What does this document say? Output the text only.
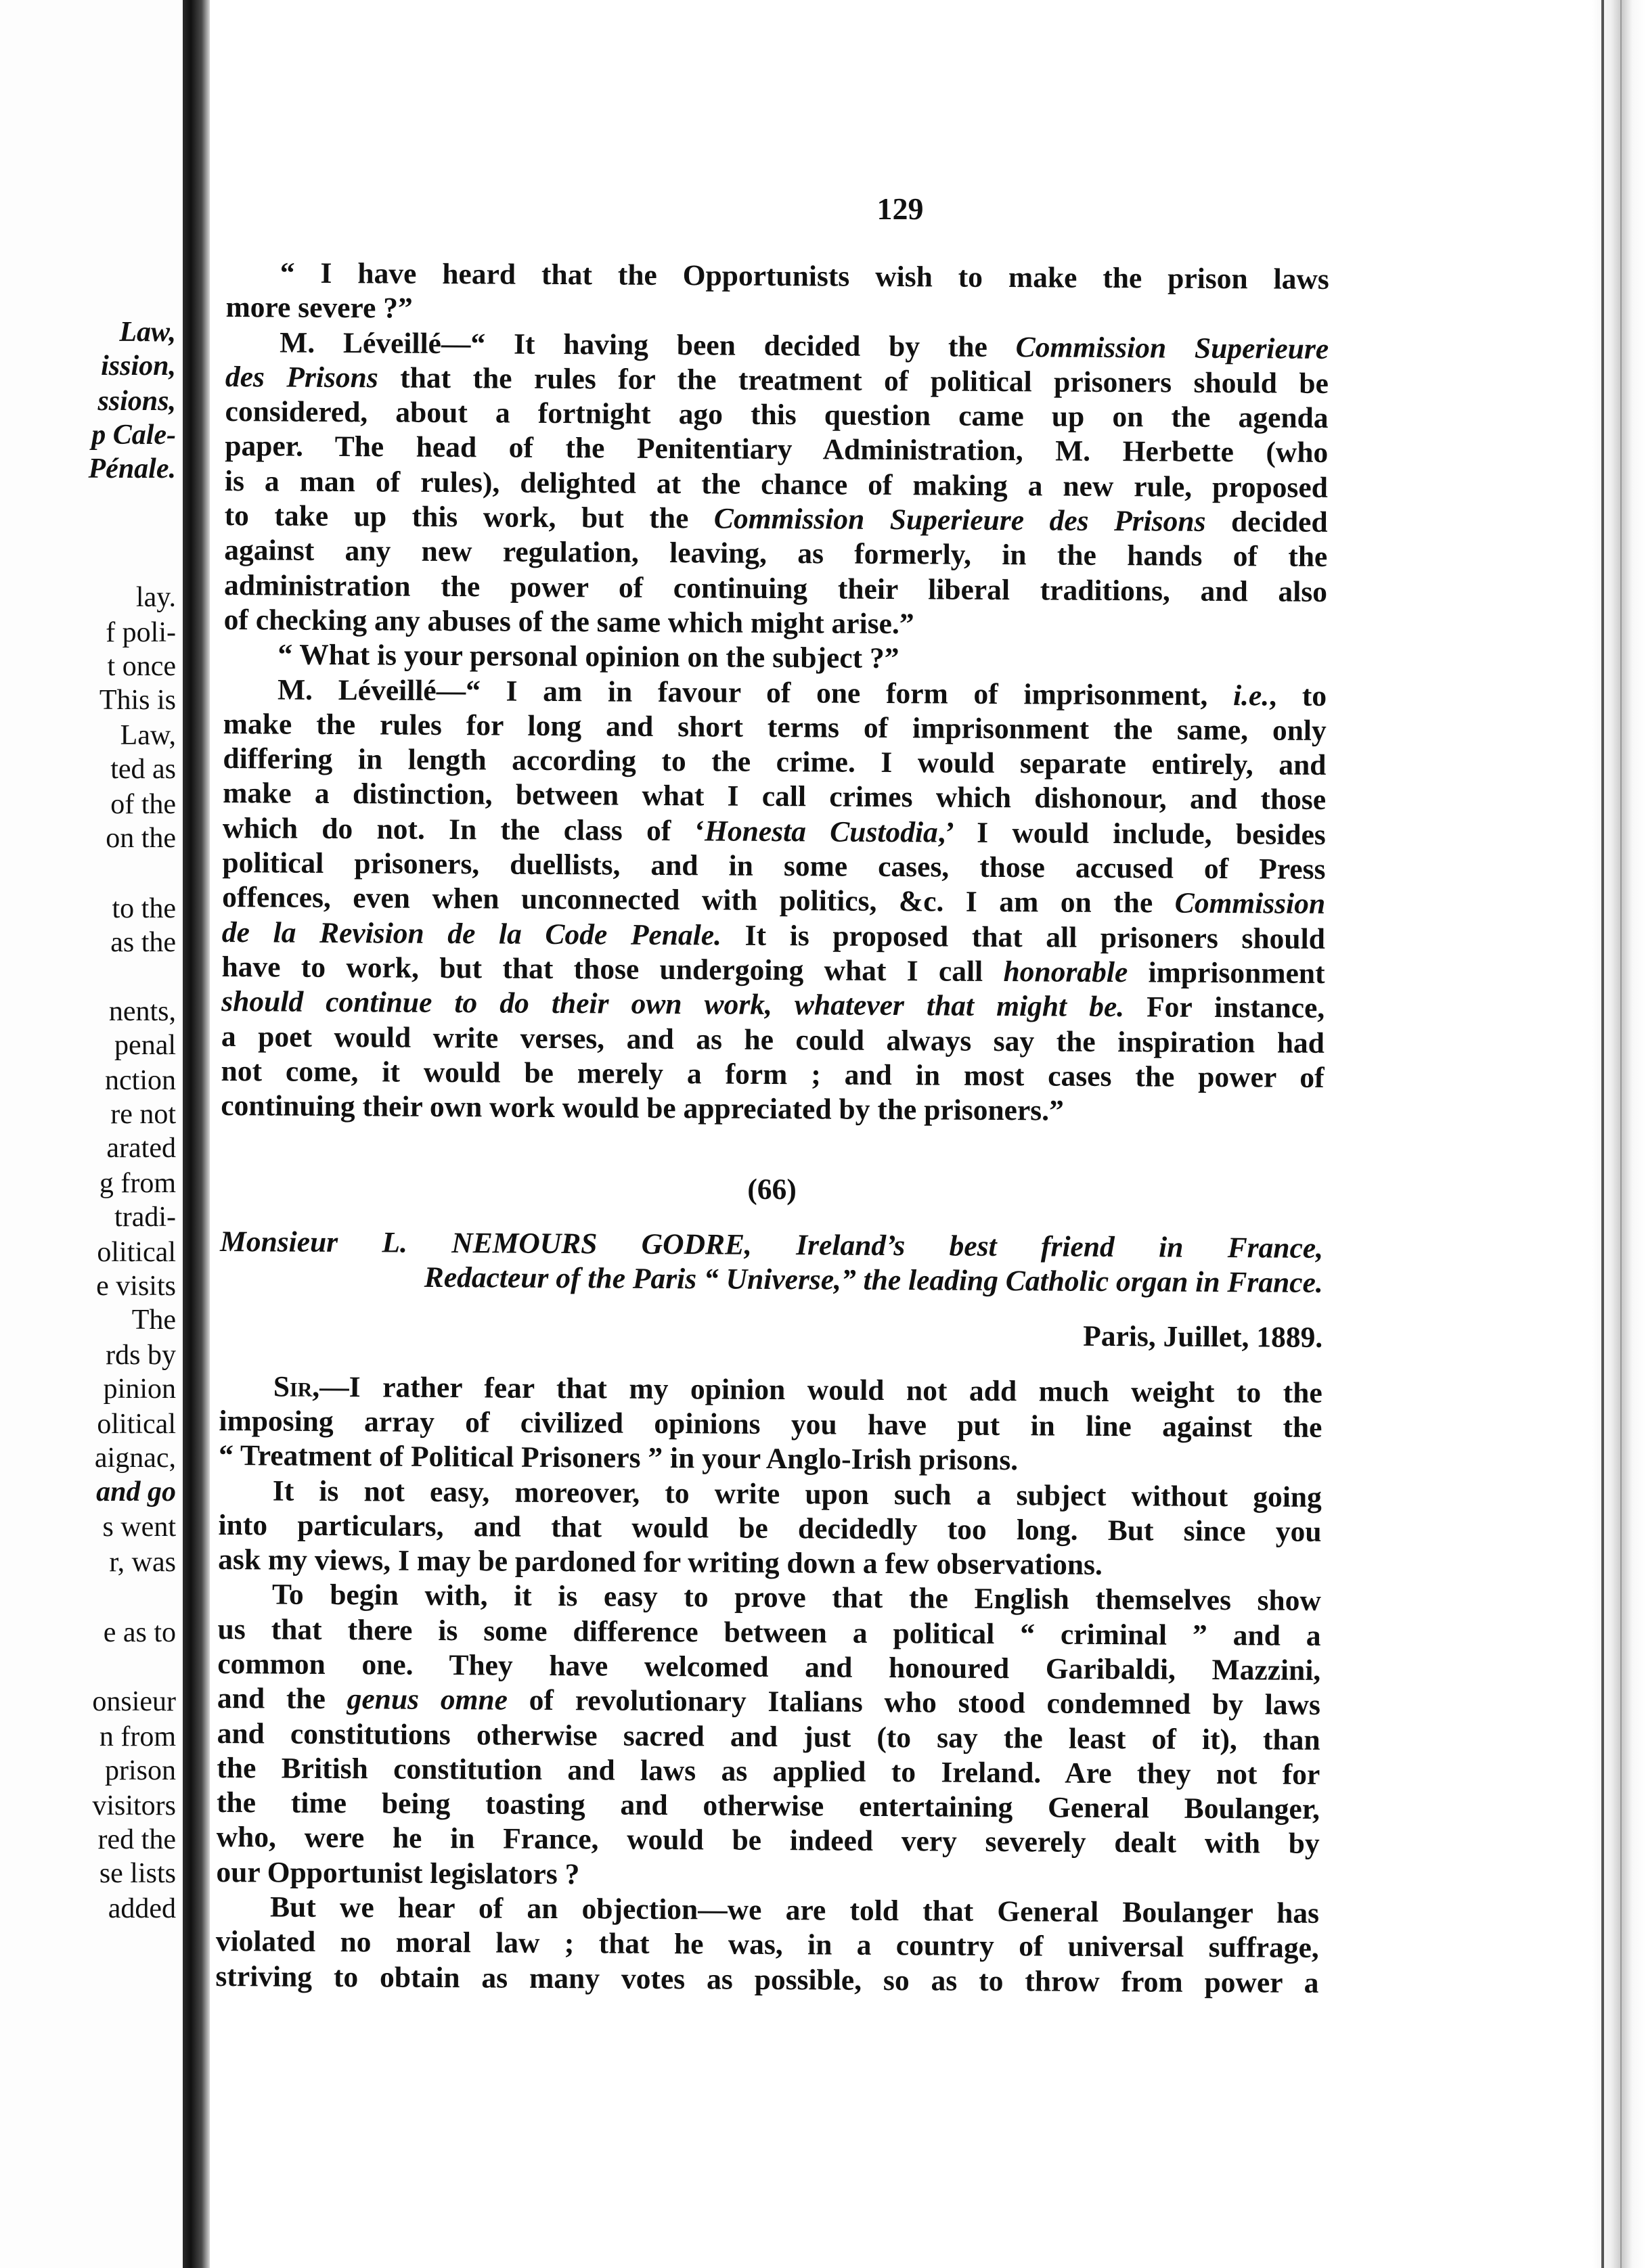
Law,
ission,
ssions,
p Cale-
Pénale.
lay.
f poli-
t once
This is
Law,
ted as
of the
on the
to the
as the
nents,
penal
nction
re not
arated
g from
tradi-
olitical
e visits
The
rds by
pinion
olitical
aignac,
and go
s went
r, was
e as to
onsieur
n from
prison
visitors
red the
se lists
added
129
“ I have heard that the Opportunists wish to make the prison laws
more severe ?”
M. Léveillé—“ It having been decided by the Commission Superieure
des Prisons that the rules for the treatment of political prisoners should be
considered, about a fortnight ago this question came up on the agenda
paper. The head of the Penitentiary Administration, M. Herbette (who
is a man of rules), delighted at the chance of making a new rule, proposed
to take up this work, but the Commission Superieure des Prisons decided
against any new regulation, leaving, as formerly, in the hands of the
administration the power of continuing their liberal traditions, and also
of checking any abuses of the same which might arise.”
“ What is your personal opinion on the subject ?”
M. Léveillé—“ I am in favour of one form of imprisonment, i.e., to
make the rules for long and short terms of imprisonment the same, only
differing in length according to the crime. I would separate entirely, and
make a distinction, between what I call crimes which dishonour, and those
which do not. In the class of ‘Honesta Custodia,’ I would include, besides
political prisoners, duellists, and in some cases, those accused of Press
offences, even when unconnected with politics, &c. I am on the Commission
de la Revision de la Code Penale. It is proposed that all prisoners should
have to work, but that those undergoing what I call honorable imprisonment
should continue to do their own work, whatever that might be. For instance,
a poet would write verses, and as he could always say the inspiration had
not come, it would be merely a form ; and in most cases the power of
continuing their own work would be appreciated by the prisoners.”
(66)
Monsieur L. NEMOURS GODRE, Ireland’s best friend in France,
Redacteur of the Paris “ Universe,” the leading Catholic organ in France.
Paris, Juillet, 1889.
Sir,—I rather fear that my opinion would not add much weight to the
imposing array of civilized opinions you have put in line against the
“ Treatment of Political Prisoners ” in your Anglo-Irish prisons.
It is not easy, moreover, to write upon such a subject without going
into particulars, and that would be decidedly too long. But since you
ask my views, I may be pardoned for writing down a few observations.
To begin with, it is easy to prove that the English themselves show
us that there is some difference between a political “ criminal ” and a
common one. They have welcomed and honoured Garibaldi, Mazzini,
and the genus omne of revolutionary Italians who stood condemned by laws
and constitutions otherwise sacred and just (to say the least of it), than
the British constitution and laws as applied to Ireland. Are they not for
the time being toasting and otherwise entertaining General Boulanger,
who, were he in France, would be indeed very severely dealt with by
our Opportunist legislators ?
But we hear of an objection—we are told that General Boulanger has
violated no moral law ; that he was, in a country of universal suffrage,
striving to obtain as many votes as possible, so as to throw from power a
